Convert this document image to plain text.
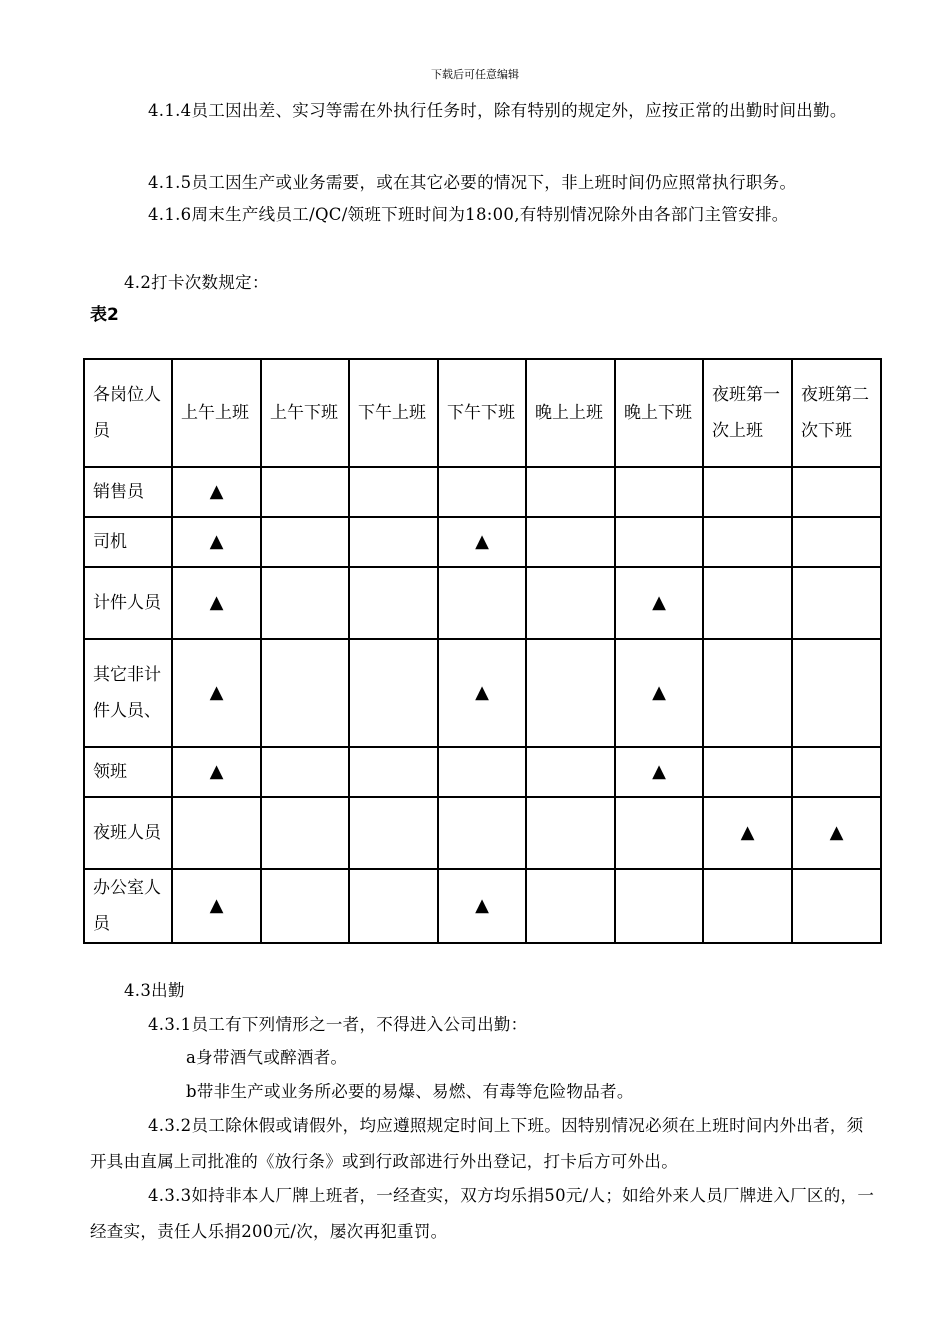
下载后可任意编辑
4.1.4员工因出差、实习等需在外执行任务时，除有特别的规定外，应按正常的出勤时间出勤。
4.1.5员工因生产或业务需要，或在其它必要的情况下，非上班时间仍应照常执行职务。
4.1.6周末生产线员工/QC/领班下班时间为18:00,有特别情况除外由各部门主管安排。
4.2打卡次数规定：
表2
各岗位人员	上午上班	上午下班	下午上班	下午下班	晚上上班	晚上下班	夜班第一次上班	夜班第二次下班
销售员	▲							
司机	▲			▲				
计件人员	▲					▲		
其它非计件人员、	▲			▲		▲		
领班	▲					▲		
夜班人员							▲	▲
办公室人员	▲			▲				
4.3出勤
4.3.1员工有下列情形之一者，不得进入公司出勤：
a身带酒气或醉酒者。
b带非生产或业务所必要的易爆、易燃、有毒等危险物品者。
4.3.2员工除休假或请假外，均应遵照规定时间上下班。因特别情况必须在上班时间内外出者，须开具由直属上司批准的《放行条》或到行政部进行外出登记，打卡后方可外出。
4.3.3如持非本人厂牌上班者，一经查实，双方均乐捐50元/人；如给外来人员厂牌进入厂区的，一经查实，责任人乐捐200元/次，屡次再犯重罚。
